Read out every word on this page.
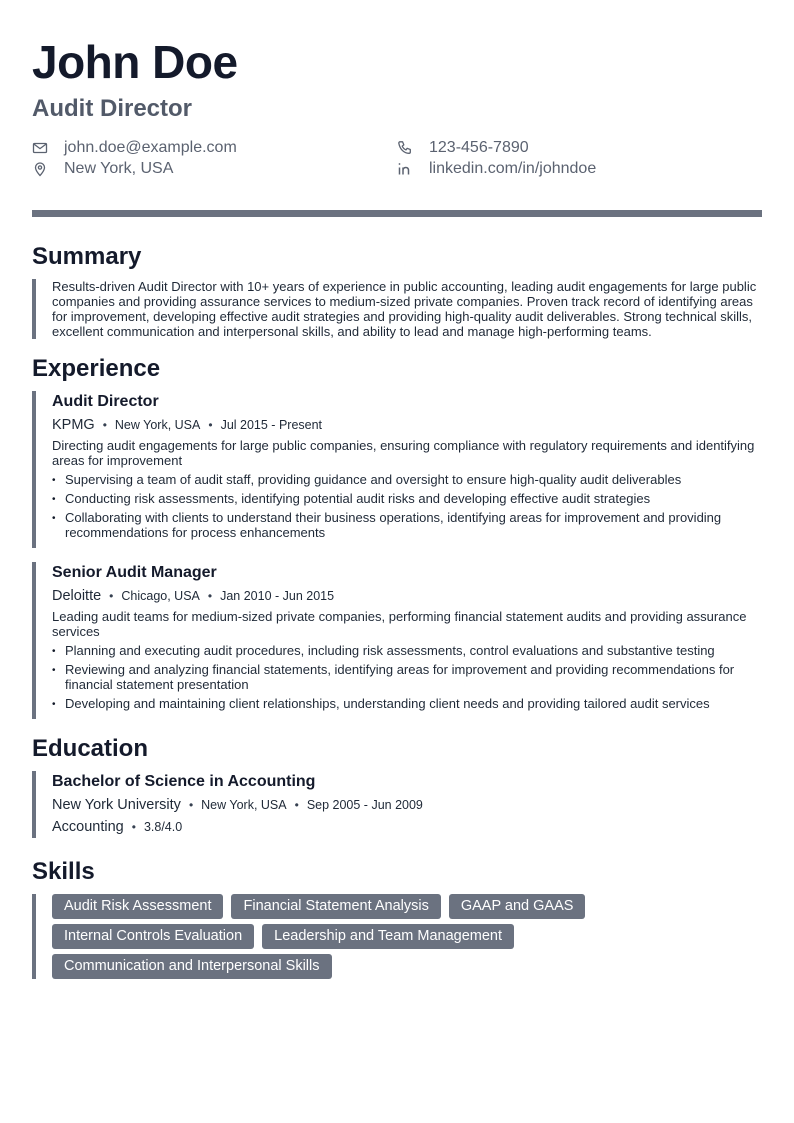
John Doe
Audit Director
john.doe@example.com	123-456-7890
New York, USA	linkedin.com/in/johndoe
Summary
Results-driven Audit Director with 10+ years of experience in public accounting, leading audit engagements for large public companies and providing assurance services to medium-sized private companies. Proven track record of identifying areas for improvement, developing effective audit strategies and providing high-quality audit deliverables. Strong technical skills, excellent communication and interpersonal skills, and ability to lead and manage high-performing teams.
Experience
Audit Director
KPMG • New York, USA • Jul 2015 - Present
Directing audit engagements for large public companies, ensuring compliance with regulatory requirements and identifying areas for improvement
• Supervising a team of audit staff, providing guidance and oversight to ensure high-quality audit deliverables
• Conducting risk assessments, identifying potential audit risks and developing effective audit strategies
• Collaborating with clients to understand their business operations, identifying areas for improvement and providing recommendations for process enhancements
Senior Audit Manager
Deloitte • Chicago, USA • Jan 2010 - Jun 2015
Leading audit teams for medium-sized private companies, performing financial statement audits and providing assurance services
• Planning and executing audit procedures, including risk assessments, control evaluations and substantive testing
• Reviewing and analyzing financial statements, identifying areas for improvement and providing recommendations for financial statement presentation
• Developing and maintaining client relationships, understanding client needs and providing tailored audit services
Education
Bachelor of Science in Accounting
New York University • New York, USA • Sep 2005 - Jun 2009
Accounting • 3.8/4.0
Skills
Audit Risk Assessment	Financial Statement Analysis	GAAP and GAAS
Internal Controls Evaluation	Leadership and Team Management
Communication and Interpersonal Skills
